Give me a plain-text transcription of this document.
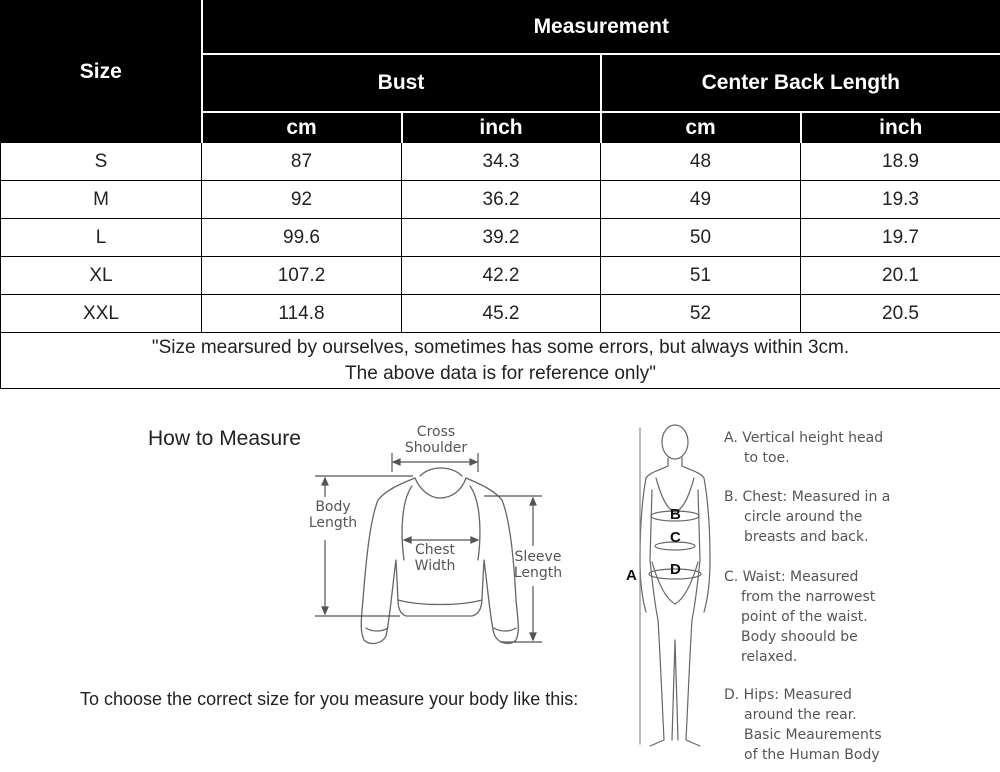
Size	Measurement			
	Bust		Center Back Length	
	cm	inch	cm	inch
S	87	34.3	48	18.9
M	92	36.2	49	19.3
L	99.6	39.2	50	19.7
XL	107.2	42.2	51	20.1
XXL	114.8	45.2	52	20.5
"Size mearsured by ourselves, sometimes has some errors, but always within 3cm.
The above data is for reference only"				
How to Measure	Cross
Shoulder
Body
Length
Chest
Width
Sleeve
Length
To choose the correct size for you measure your body like this:
A
B
C
D
A. Vertical height head
to toe.
B. Chest: Measured in a
circle around the
breasts and back.
C. Waist: Measured
from the narrowest
point of the waist.
Body shoould be
relaxed.
D. Hips: Measured
around the rear.
Basic Meaurements
of the Human Body
